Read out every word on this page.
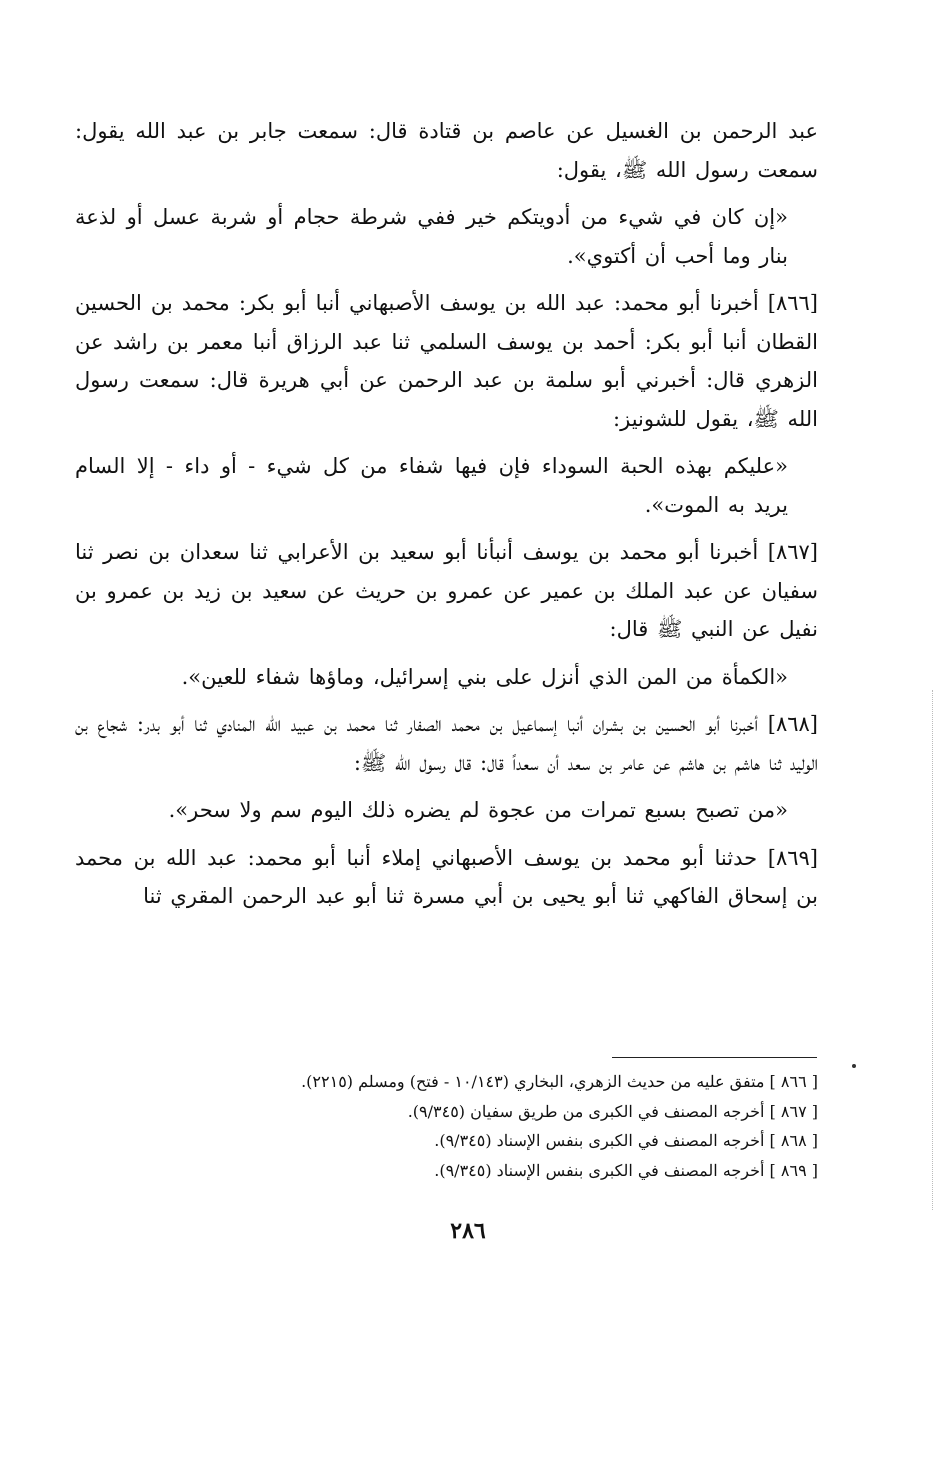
عبد الرحمن بن الغسيل عن عاصم بن قتادة قال: سمعت جابر بن عبد الله يقول: سمعت رسول الله ﷺ، يقول:

«إن كان في شيء من أدويتكم خير ففي شرطة حجام أو شربة عسل أو لذعة بنار وما أحب أن أكتوي».

[٨٦٦] أخبرنا أبو محمد: عبد الله بن يوسف الأصبهاني أنبا أبو بكر: محمد بن الحسين القطان أنبا أبو بكر: أحمد بن يوسف السلمي ثنا عبد الرزاق أنبا معمر بن راشد عن الزهري قال: أخبرني أبو سلمة بن عبد الرحمن عن أبي هريرة قال: سمعت رسول الله ﷺ، يقول للشونيز:

«عليكم بهذه الحبة السوداء فإن فيها شفاء من كل شيء - أو داء - إلا السام يريد به الموت».

[٨٦٧] أخبرنا أبو محمد بن يوسف أنبأنا أبو سعيد بن الأعرابي ثنا سعدان بن نصر ثنا سفيان عن عبد الملك بن عمير عن عمرو بن حريث عن سعيد بن زيد بن عمرو بن نفيل عن النبي ﷺ قال:

«الكمأة من المن الذي أنزل على بني إسرائيل، وماؤها شفاء للعين».

[٨٦٨] أخبرنا أبو الحسين بن بشران أنبا إسماعيل بن محمد الصفار ثنا محمد بن عبيد الله المنادي ثنا أبو بدر: شجاع بن الوليد ثنا هاشم بن هاشم عن عامر بن سعد أن سعداً قال: قال رسول الله ﷺ:

«من تصبح بسبع تمرات من عجوة لم يضره ذلك اليوم سم ولا سحر».

[٨٦٩] حدثنا أبو محمد بن يوسف الأصبهاني إملاء أنبا أبو محمد: عبد الله بن محمد بن إسحاق الفاكهي ثنا أبو يحيى بن أبي مسرة ثنا أبو عبد الرحمن المقري ثنا

[ ٨٦٦ ] متفق عليه من حديث الزهري، البخاري (١٠/١٤٣ - فتح) ومسلم (٢٢١٥).

[ ٨٦٧ ] أخرجه المصنف في الكبرى من طريق سفيان (٩/٣٤٥).

[ ٨٦٨ ] أخرجه المصنف في الكبرى بنفس الإسناد (٩/٣٤٥).

[ ٨٦٩ ] أخرجه المصنف في الكبرى بنفس الإسناد (٩/٣٤٥).

٢٨٦
